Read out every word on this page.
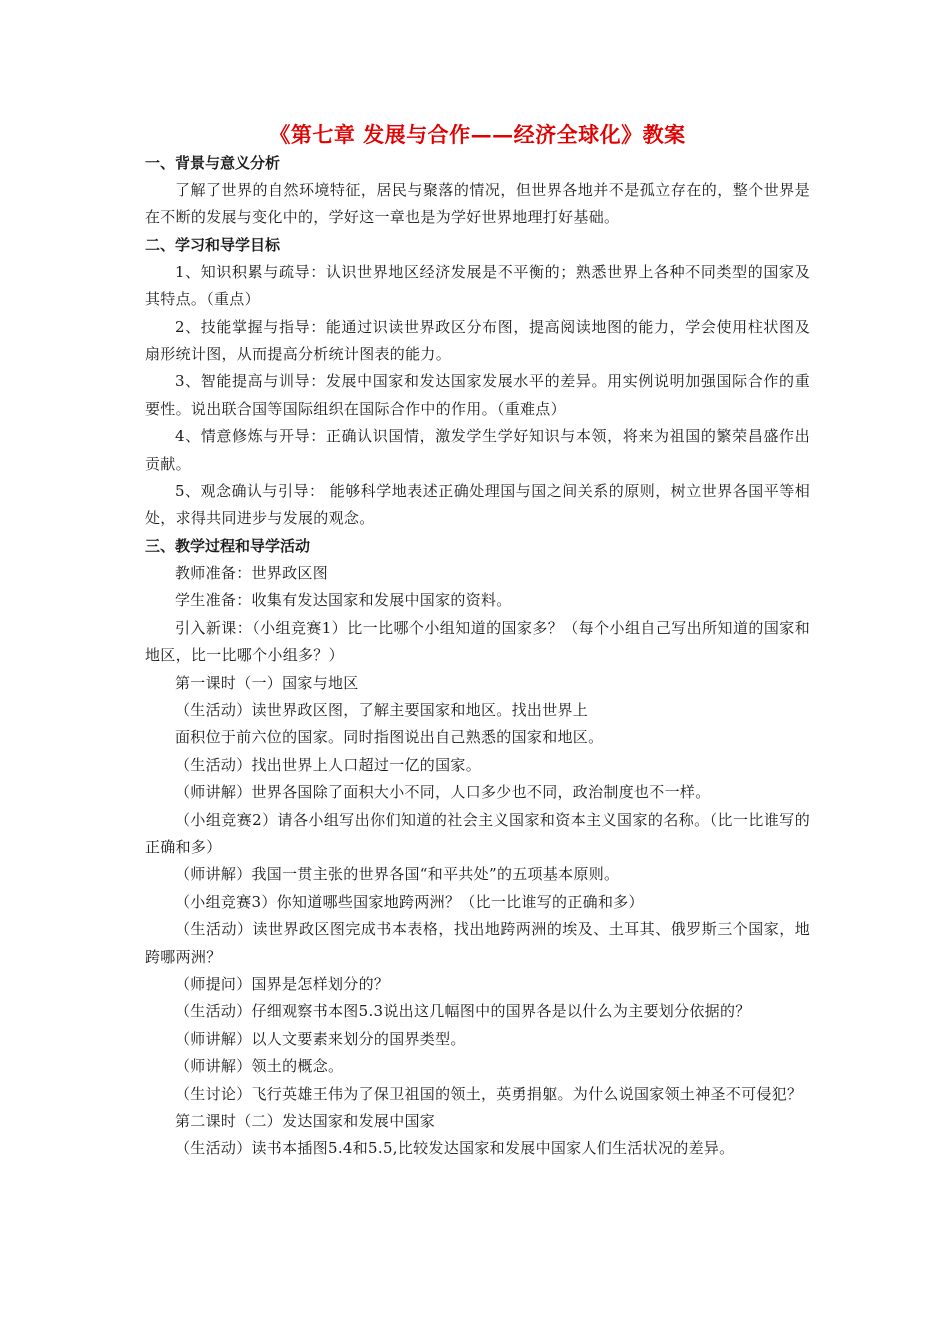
《第七章 发展与合作——经济全球化》教案
一、背景与意义分析

了解了世界的自然环境特征，居民与聚落的情况，但世界各地并不是孤立存在的，整个世界是在不断的发展与变化中的，学好这一章也是为学好世界地理打好基础。

二、学习和导学目标

1、知识积累与疏导：认识世界地区经济发展是不平衡的；熟悉世界上各种不同类型的国家及其特点。（重点）

2、技能掌握与指导：能通过识读世界政区分布图，提高阅读地图的能力，学会使用柱状图及扇形统计图，从而提高分析统计图表的能力。

3、智能提高与训导：发展中国家和发达国家发展水平的差异。用实例说明加强国际合作的重要性。说出联合国等国际组织在国际合作中的作用。（重难点）

4、情意修炼与开导：正确认识国情，激发学生学好知识与本领，将来为祖国的繁荣昌盛作出贡献。

5、观念确认与引导： 能够科学地表述正确处理国与国之间关系的原则，树立世界各国平等相处，求得共同进步与发展的观念。

三、教学过程和导学活动

教师准备：世界政区图

学生准备：收集有发达国家和发展中国家的资料。

引入新课：（小组竞赛1）比一比哪个小组知道的国家多？（每个小组自己写出所知道的国家和地区，比一比哪个小组多？）

第一课时（一）国家与地区

（生活动）读世界政区图，了解主要国家和地区。找出世界上

面积位于前六位的国家。同时指图说出自己熟悉的国家和地区。

（生活动）找出世界上人口超过一亿的国家。

（师讲解）世界各国除了面积大小不同，人口多少也不同，政治制度也不一样。

（小组竞赛2）请各小组写出你们知道的社会主义国家和资本主义国家的名称。（比一比谁写的正确和多）

（师讲解）我国一贯主张的世界各国“和平共处”的五项基本原则。

（小组竞赛3）你知道哪些国家地跨两洲？（比一比谁写的正确和多）

（生活动）读世界政区图完成书本表格，找出地跨两洲的埃及、土耳其、俄罗斯三个国家，地跨哪两洲？

（师提问）国界是怎样划分的？

（生活动）仔细观察书本图5.3说出这几幅图中的国界各是以什么为主要划分依据的？

（师讲解）以人文要素来划分的国界类型。

（师讲解）领土的概念。

（生讨论）飞行英雄王伟为了保卫祖国的领土，英勇捐躯。为什么说国家领土神圣不可侵犯？

第二课时（二）发达国家和发展中国家

（生活动）读书本插图5.4和5.5,比较发达国家和发展中国家人们生活状况的差异。
